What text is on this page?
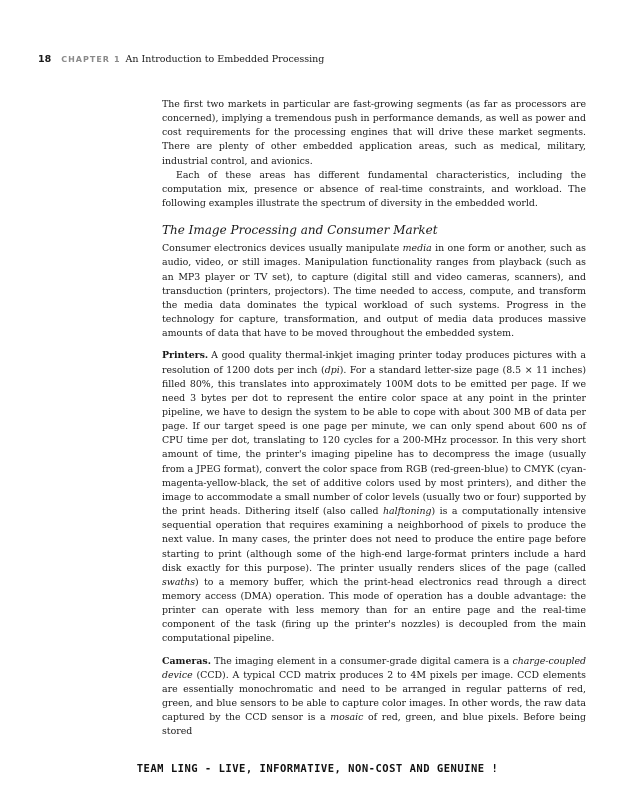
18 CHAPTER 1 An Introduction to Embedded Processing

The first two markets in particular are fast-growing segments (as far as processors are concerned), implying a tremendous push in performance demands, as well as power and cost requirements for the processing engines that will drive these market segments. There are plenty of other embedded application areas, such as medical, military, industrial control, and avionics.

Each of these areas has different fundamental characteristics, including the computation mix, presence or absence of real-time constraints, and workload. The following examples illustrate the spectrum of diversity in the embedded world.

The Image Processing and Consumer Market

Consumer electronics devices usually manipulate media in one form or another, such as audio, video, or still images. Manipulation functionality ranges from playback (such as an MP3 player or TV set), to capture (digital still and video cameras, scanners), and transduction (printers, projectors). The time needed to access, compute, and transform the media data dominates the typical workload of such systems. Progress in the technology for capture, transformation, and output of media data produces massive amounts of data that have to be moved throughout the embedded system.

Printers. A good quality thermal-inkjet imaging printer today produces pictures with a resolution of 1200 dots per inch (dpi). For a standard letter-size page (8.5 × 11 inches) filled 80%, this translates into approximately 100M dots to be emitted per page. If we need 3 bytes per dot to represent the entire color space at any point in the printer pipeline, we have to design the system to be able to cope with about 300 MB of data per page. If our target speed is one page per minute, we can only spend about 600 ns of CPU time per dot, translating to 120 cycles for a 200-MHz processor. In this very short amount of time, the printer's imaging pipeline has to decompress the image (usually from a JPEG format), convert the color space from RGB (red-green-blue) to CMYK (cyan-magenta-yellow-black, the set of additive colors used by most printers), and dither the image to accommodate a small number of color levels (usually two or four) supported by the print heads. Dithering itself (also called halftoning) is a computationally intensive sequential operation that requires examining a neighborhood of pixels to produce the next value. In many cases, the printer does not need to produce the entire page before starting to print (although some of the high-end large-format printers include a hard disk exactly for this purpose). The printer usually renders slices of the page (called swaths) to a memory buffer, which the print-head electronics read through a direct memory access (DMA) operation. This mode of operation has a double advantage: the printer can operate with less memory than for an entire page and the real-time component of the task (firing up the printer's nozzles) is decoupled from the main computational pipeline.

Cameras. The imaging element in a consumer-grade digital camera is a charge-coupled device (CCD). A typical CCD matrix produces 2 to 4M pixels per image. CCD elements are essentially monochromatic and need to be arranged in regular patterns of red, green, and blue sensors to be able to capture color images. In other words, the raw data captured by the CCD sensor is a mosaic of red, green, and blue pixels. Before being stored

TEAM LING - LIVE, INFORMATIVE, NON-COST AND GENUINE !
